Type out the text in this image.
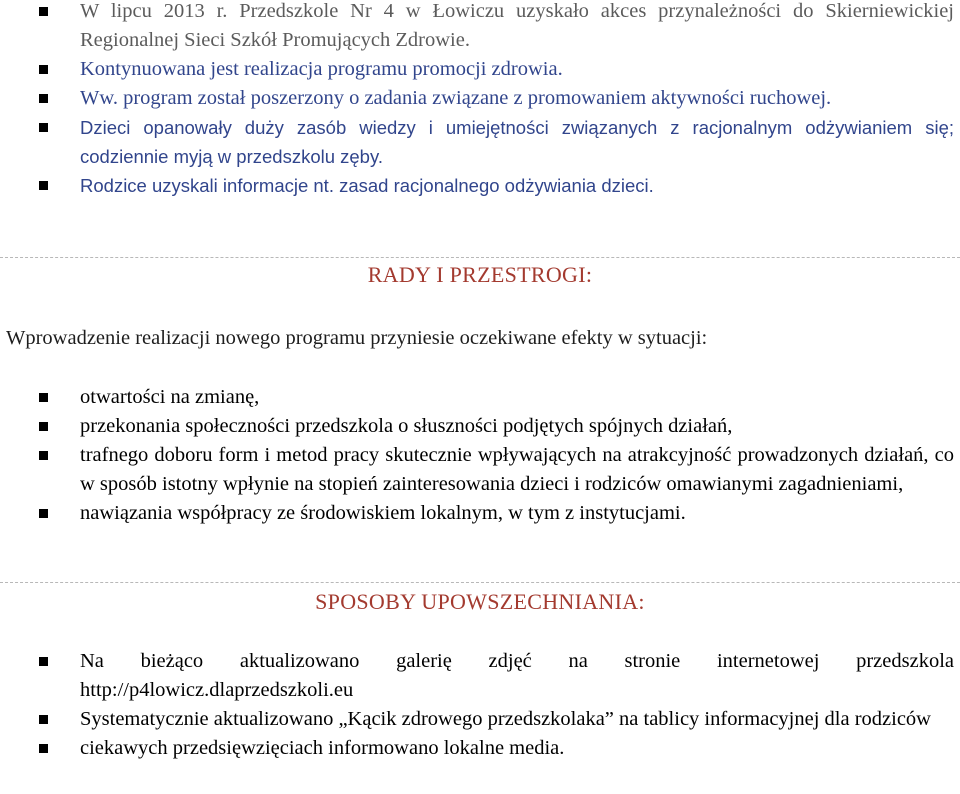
W lipcu 2013 r. Przedszkole Nr 4 w Łowiczu uzyskało akces przynależności do Skierniewickiej Regionalnej Sieci Szkół Promujących Zdrowie.
Kontynuowana jest realizacja programu promocji zdrowia.
Ww. program został poszerzony o zadania związane z promowaniem aktywności ruchowej.
Dzieci opanowały duży zasób wiedzy i umiejętności związanych z racjonalnym odżywianiem się; codziennie myją w przedszkolu zęby.
Rodzice uzyskali informacje nt. zasad racjonalnego odżywiania dzieci.
RADY I PRZESTROGI:
Wprowadzenie realizacji nowego programu przyniesie oczekiwane efekty w sytuacji:
otwartości na zmianę,
przekonania społeczności przedszkola o słuszności podjętych spójnych działań,
trafnego doboru form i metod pracy skutecznie wpływających na atrakcyjność prowadzonych działań, co w sposób istotny wpłynie na stopień zainteresowania dzieci i rodziców omawianymi zagadnieniami,
nawiązania współpracy ze środowiskiem lokalnym, w tym z instytucjami.
SPOSOBY UPOWSZECHNIANIA:
Na bieżąco aktualizowano galerię zdjęć na stronie internetowej przedszkola http://p4lowicz.dlaprzedszkoli.eu
Systematycznie aktualizowano „Kącik zdrowego przedszkolaka” na tablicy informacyjnej dla rodziców
ciekawych przedsięwzięciach informowano lokalne media.
